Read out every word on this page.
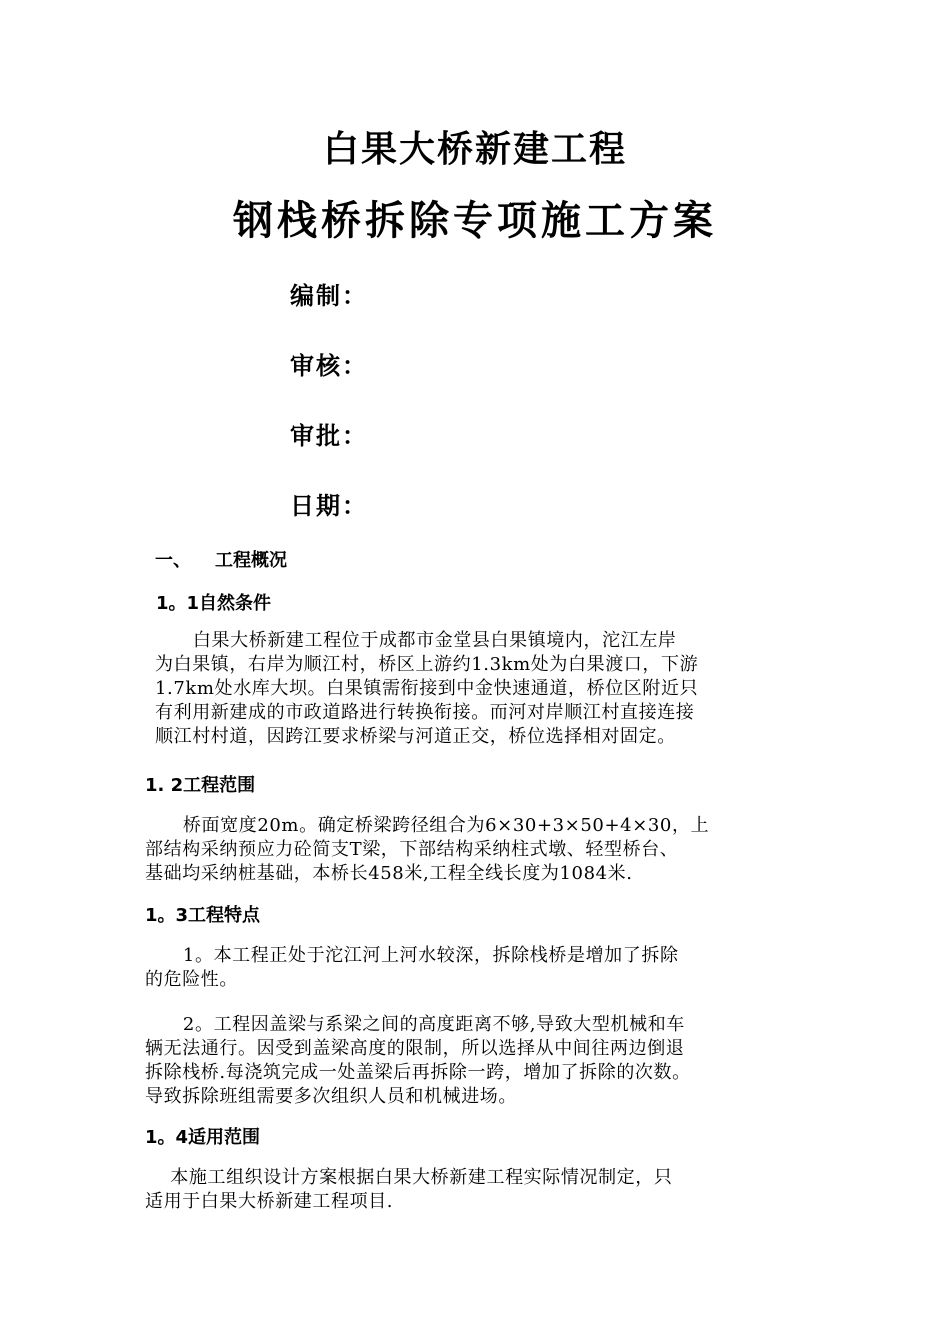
白果大桥新建工程
钢栈桥拆除专项施工方案
编制：
审核：
审批：
日期：
一、 工程概况
1。1自然条件
白果大桥新建工程位于成都市金堂县白果镇境内，沱江左岸
为白果镇，右岸为顺江村，桥区上游约1.3km处为白果渡口，下游
1.7km处水库大坝。白果镇需衔接到中金快速通道，桥位区附近只
有利用新建成的市政道路进行转换衔接。而河对岸顺江村直接连接
顺江村村道，因跨江要求桥梁与河道正交，桥位选择相对固定。
1. 2工程范围
桥面宽度20m。确定桥梁跨径组合为6×30+3×50+4×30，上
部结构采纳预应力砼简支T梁，下部结构采纳柱式墩、轻型桥台、
基础均采纳桩基础，本桥长458米,工程全线长度为1084米.
1。3工程特点
1。本工程正处于沱江河上河水较深，拆除栈桥是增加了拆除
的危险性。
2。工程因盖梁与系梁之间的高度距离不够,导致大型机械和车
辆无法通行。因受到盖梁高度的限制，所以选择从中间往两边倒退
拆除栈桥.每浇筑完成一处盖梁后再拆除一跨，增加了拆除的次数。
导致拆除班组需要多次组织人员和机械进场。
1。4适用范围
本施工组织设计方案根据白果大桥新建工程实际情况制定，只
适用于白果大桥新建工程项目.
